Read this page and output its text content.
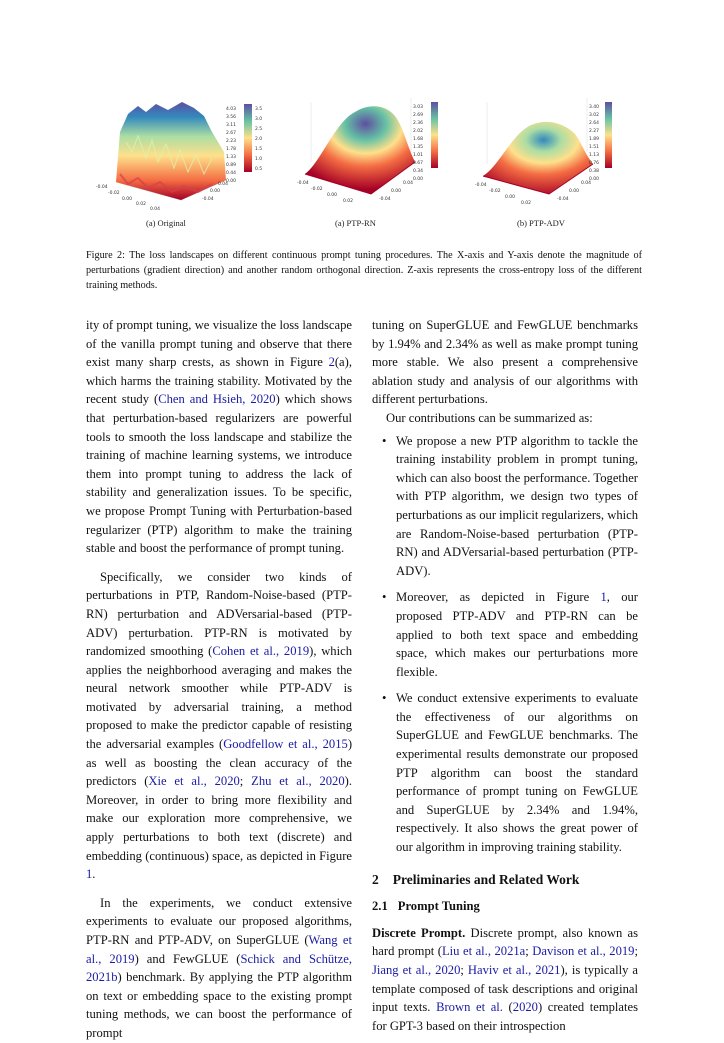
4.03
3.56
3.11
2.67
2.23
1.78
1.33
0.89
0.44
0.00
-0.04
-0.02
0.00
0.02
0.04
-0.04
0.00
0.04
3.5
3.0
2.5
2.0
1.5
1.0
0.5
(a) Original
3.03
2.69
2.36
2.02
1.68
1.35
1.01
0.67
0.34
0.00
-0.04
-0.02
0.00
0.02	-0.04
0.00
0.04
(a) PTP-RN
3.40
3.02
2.64
2.27
1.89
1.51
1.13
0.76
0.38
0.00
-0.04
-0.02
0.00
0.02
-0.04
0.00
0.04
(b) PTP-ADV
Figure 2: The loss landscapes on different continuous prompt tuning procedures. The X-axis and Y-axis denote the magnitude of perturbations (gradient direction) and another random orthogonal direction. Z-axis represents the cross-entropy loss of the different training methods.

ity of prompt tuning, we visualize the loss landscape of the vanilla prompt tuning and observe that there exist many sharp crests, as shown in Figure 2(a), which harms the training stability. Motivated by the recent study (Chen and Hsieh, 2020) which shows that perturbation-based regularizers are powerful tools to smooth the loss landscape and stabilize the training of machine learning systems, we introduce them into prompt tuning to address the lack of stability and generalization issues. To be specific, we propose Prompt Tuning with Perturbation-based regularizer (PTP) algorithm to make the training stable and boost the performance of prompt tuning.

Specifically, we consider two kinds of perturbations in PTP, Random-Noise-based (PTP-RN) perturbation and ADVersarial-based (PTP-ADV) perturbation. PTP-RN is motivated by randomized smoothing (Cohen et al., 2019), which applies the neighborhood averaging and makes the neural network smoother while PTP-ADV is motivated by adversarial training, a method proposed to make the predictor capable of resisting the adversarial examples (Goodfellow et al., 2015) as well as boosting the clean accuracy of the predictors (Xie et al., 2020; Zhu et al., 2020). Moreover, in order to bring more flexibility and make our exploration more comprehensive, we apply perturbations to both text (discrete) and embedding (continuous) space, as depicted in Figure 1.

In the experiments, we conduct extensive experiments to evaluate our proposed algorithms, PTP-RN and PTP-ADV, on SuperGLUE (Wang et al., 2019) and FewGLUE (Schick and Schütze, 2021b) benchmark. By applying the PTP algorithm on text or embedding space to the existing prompt tuning methods, we can boost the performance of prompt

tuning on SuperGLUE and FewGLUE benchmarks by 1.94% and 2.34% as well as make prompt tuning more stable. We also present a comprehensive ablation study and analysis of our algorithms with different perturbations.

Our contributions can be summarized as:

• We propose a new PTP algorithm to tackle the training instability problem in prompt tuning, which can also boost the performance. Together with PTP algorithm, we design two types of perturbations as our implicit regularizers, which are Random-Noise-based perturbation (PTP-RN) and ADVersarial-based perturbation (PTP-ADV).
• Moreover, as depicted in Figure 1, our proposed PTP-ADV and PTP-RN can be applied to both text space and embedding space, which makes our perturbations more flexible.
• We conduct extensive experiments to evaluate the effectiveness of our algorithms on SuperGLUE and FewGLUE benchmarks. The experimental results demonstrate our proposed PTP algorithm can boost the standard performance of prompt tuning on FewGLUE and SuperGLUE by 2.34% and 1.94%, respectively. It also shows the great power of our algorithm in improving training stability.
2 Preliminaries and Related Work
2.1 Prompt Tuning

Discrete Prompt. Discrete prompt, also known as hard prompt (Liu et al., 2021a; Davison et al., 2019; Jiang et al., 2020; Haviv et al., 2021), is typically a template composed of task descriptions and original input texts. Brown et al. (2020) created templates for GPT-3 based on their introspection
